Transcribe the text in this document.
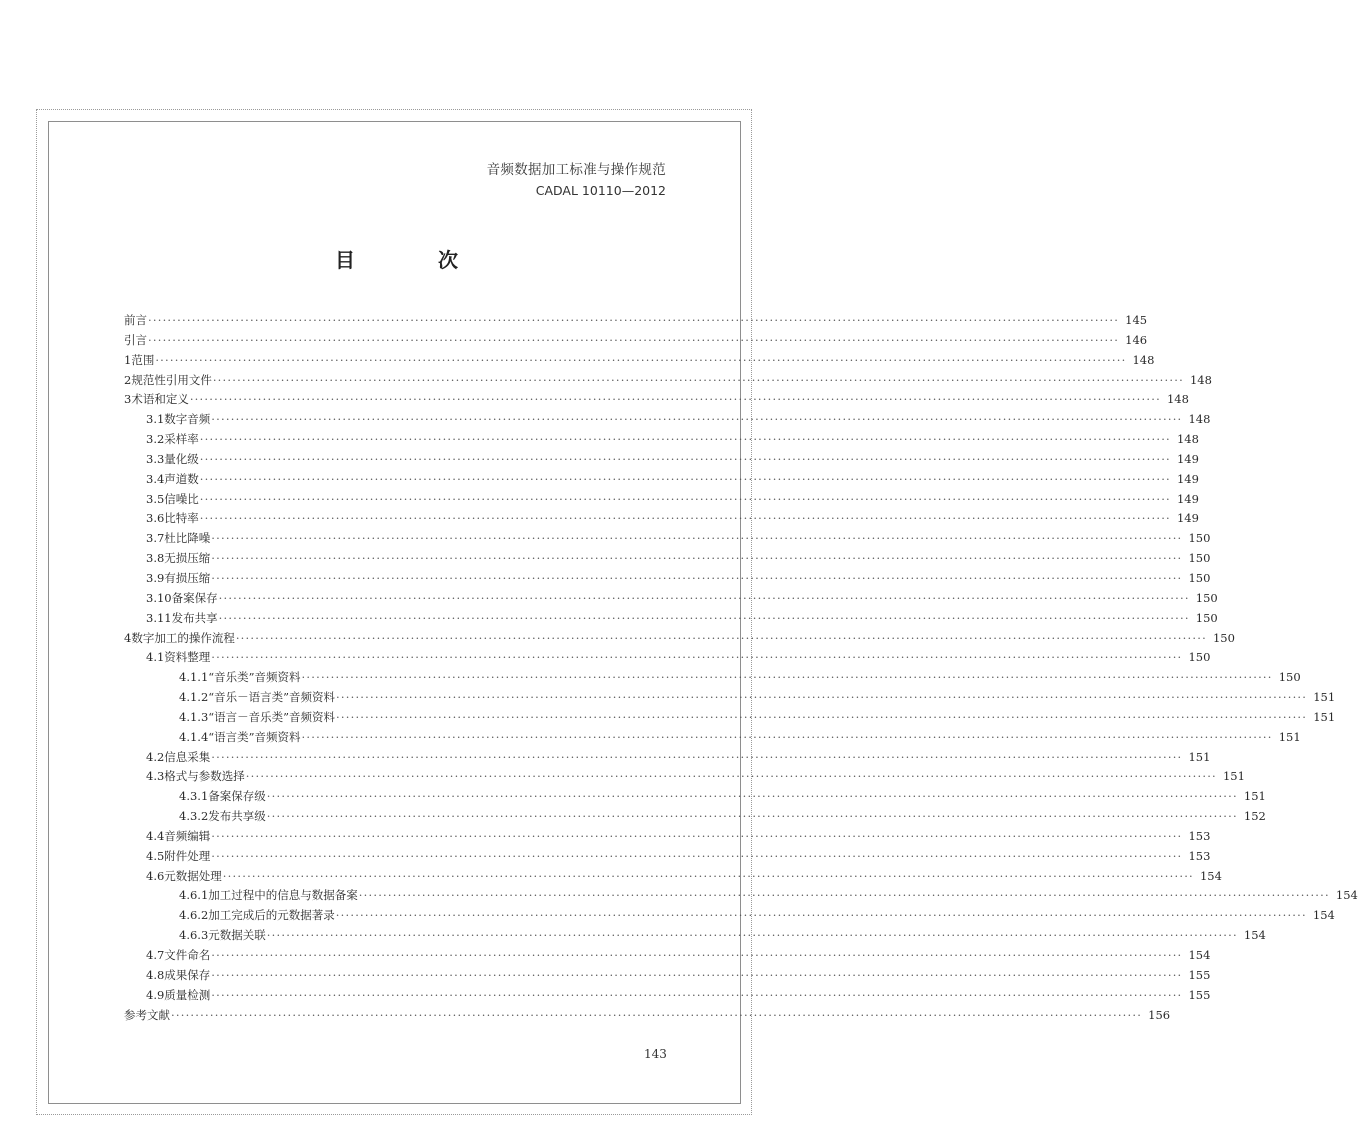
音频数据加工标准与操作规范
CADAL 10110—2012
目 次
前言 ········································································································································································································ 145
引言 ········································································································································································································ 146
1 范围 ········································································································································································································ 148
2 规范性引用文件 ········································································································································································································ 148
3 术语和定义 ········································································································································································································ 148
3.1 数字音频 ········································································································································································································ 148
3.2 采样率 ········································································································································································································ 148
3.3 量化级 ········································································································································································································ 149
3.4 声道数 ········································································································································································································ 149
3.5 信噪比 ········································································································································································································ 149
3.6 比特率 ········································································································································································································ 149
3.7 杜比降噪 ········································································································································································································ 150
3.8 无损压缩 ········································································································································································································ 150
3.9 有损压缩 ········································································································································································································ 150
3.10 备案保存 ········································································································································································································ 150
3.11 发布共享 ········································································································································································································ 150
4 数字加工的操作流程 ········································································································································································································ 150
4.1 资料整理 ········································································································································································································ 150
4.1.1 “音乐类”音频资料 ········································································································································································································ 150
4.1.2 “音乐－语言类”音频资料 ········································································································································································································ 151
4.1.3 “语言－音乐类”音频资料 ········································································································································································································ 151
4.1.4 “语言类”音频资料 ········································································································································································································ 151
4.2 信息采集 ········································································································································································································ 151
4.3 格式与参数选择 ········································································································································································································ 151
4.3.1 备案保存级 ········································································································································································································ 151
4.3.2 发布共享级 ········································································································································································································ 152
4.4 音频编辑 ········································································································································································································ 153
4.5 附件处理 ········································································································································································································ 153
4.6 元数据处理 ········································································································································································································ 154
4.6.1 加工过程中的信息与数据备案 ········································································································································································································ 154
4.6.2 加工完成后的元数据著录 ········································································································································································································ 154
4.6.3 元数据关联 ········································································································································································································ 154
4.7 文件命名 ········································································································································································································ 154
4.8 成果保存 ········································································································································································································ 155
4.9 质量检测 ········································································································································································································ 155
参考文献 ········································································································································································································ 156
143
